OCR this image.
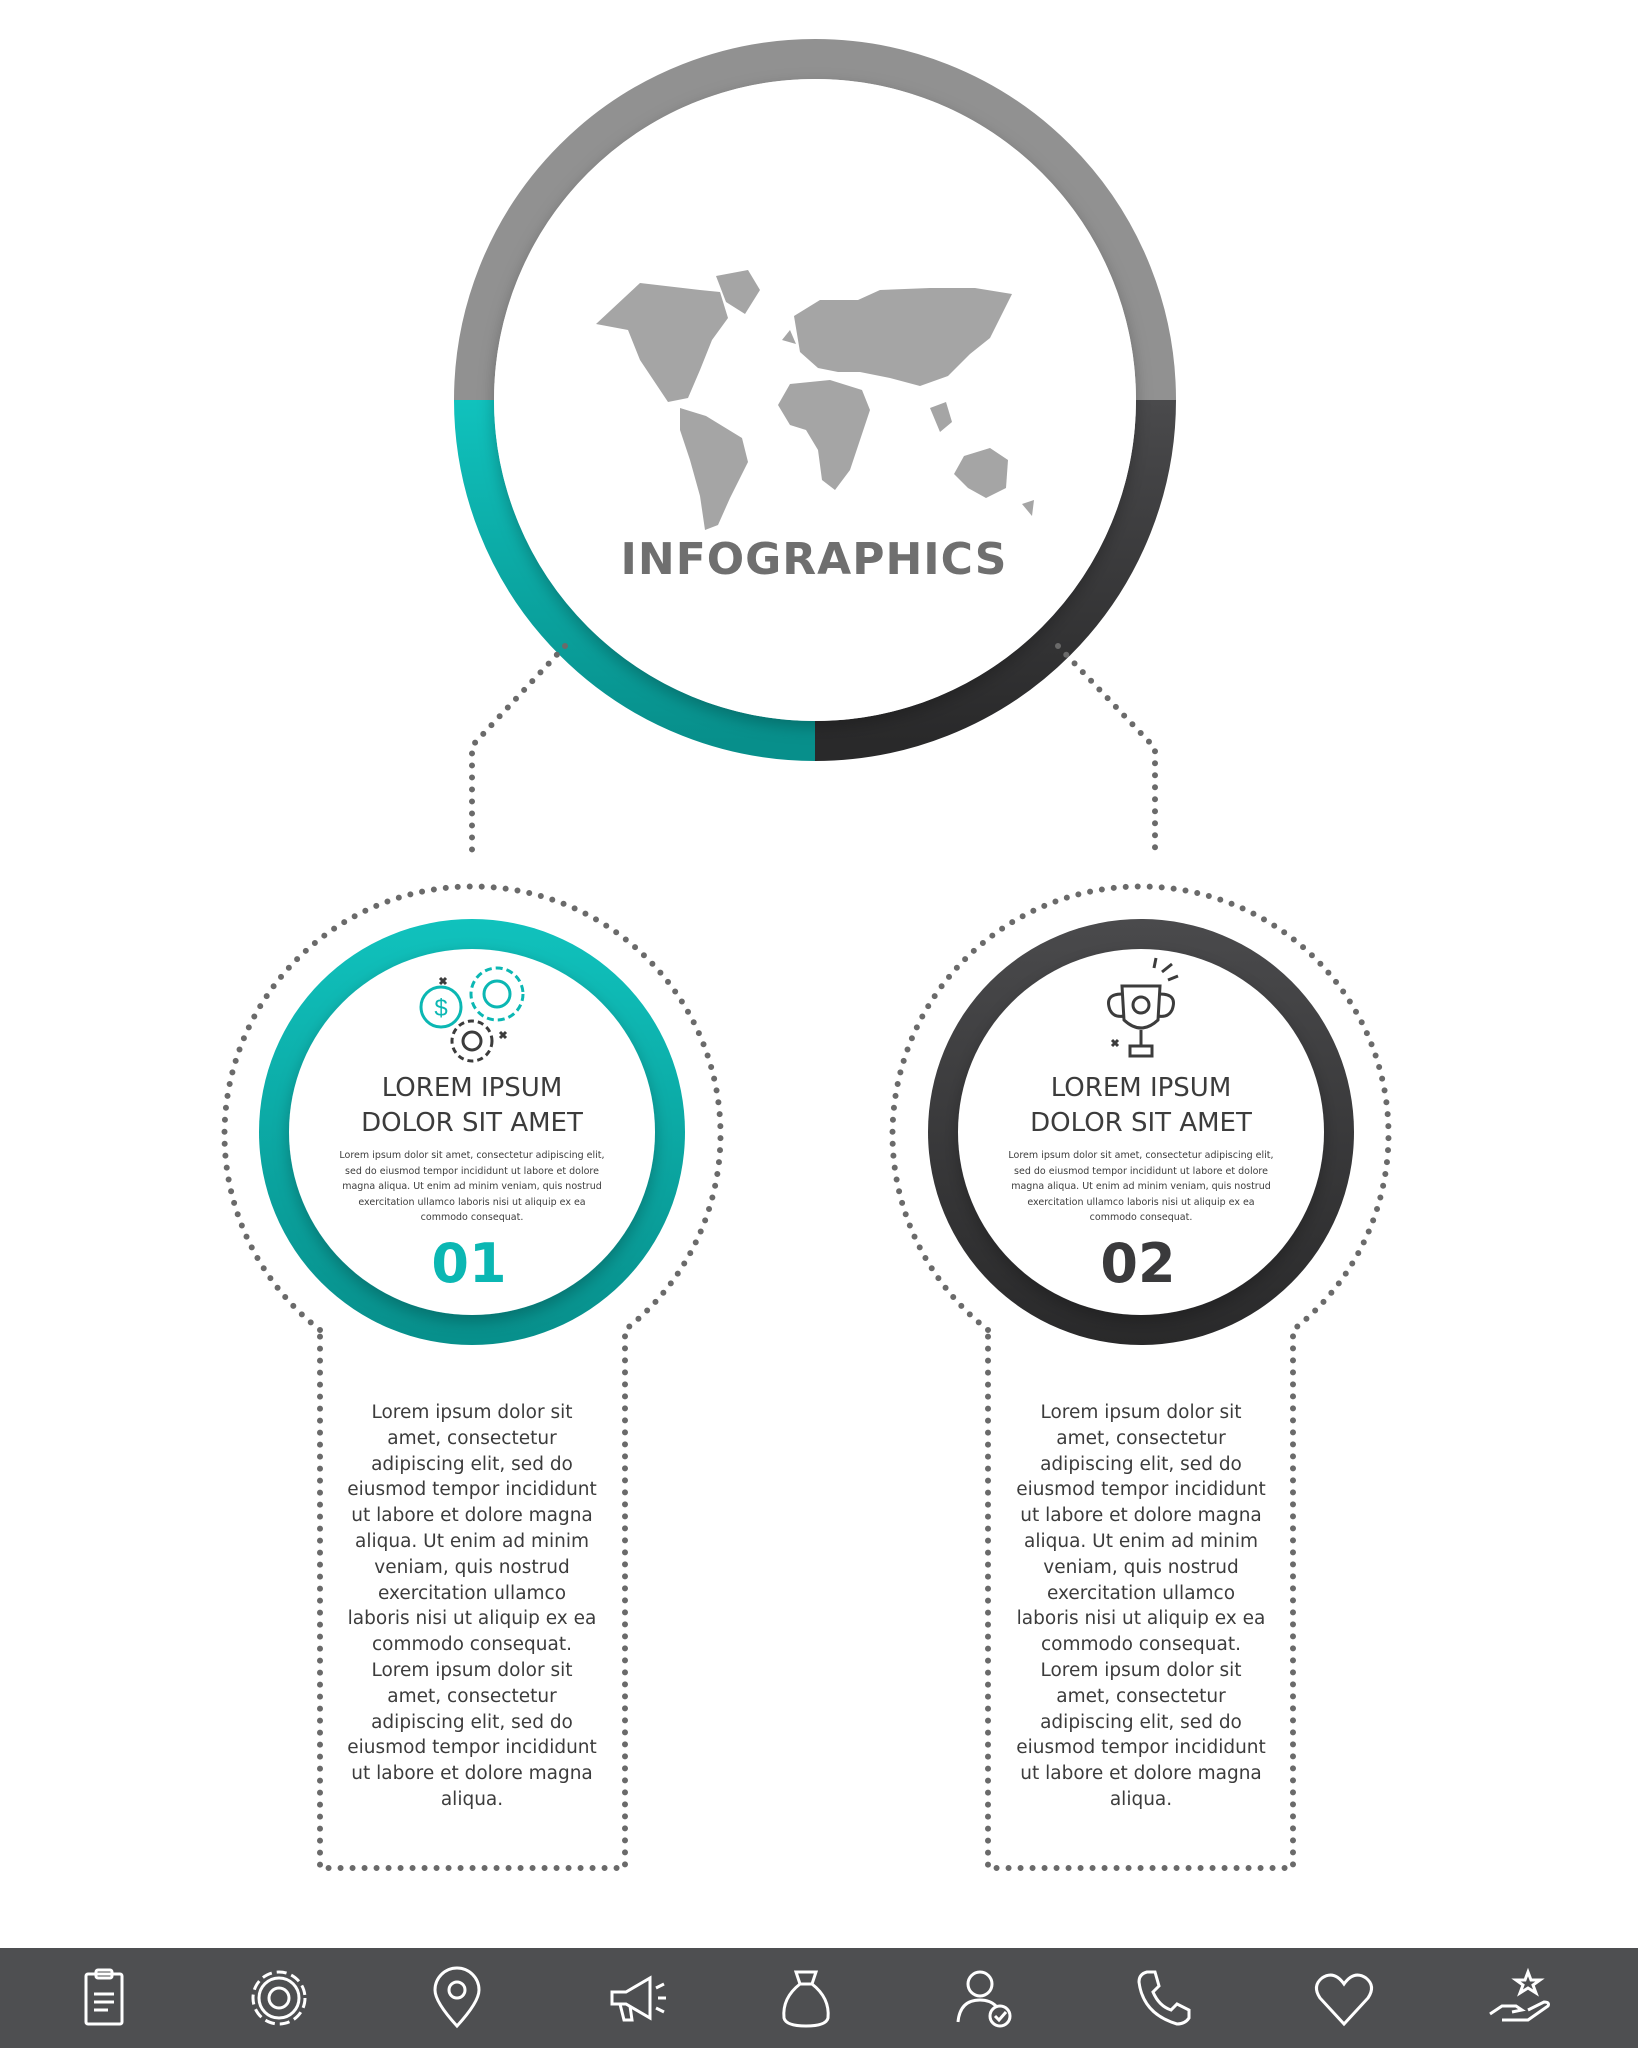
$
INFOGRAPHICS
LOREM IPSUM
DOLOR SIT AMET
Lorem ipsum dolor sit amet, consectetur adipiscing elit, sed do eiusmod tempor incididunt ut labore et dolore magna aliqua. Ut enim ad minim veniam, quis nostrud exercitation ullamco laboris nisi ut aliquip ex ea commodo consequat.
01
Lorem ipsum dolor sit amet, consectetur adipiscing elit, sed do eiusmod tempor incididunt ut labore et dolore magna aliqua. Ut enim ad minim veniam, quis nostrud exercitation ullamco laboris nisi ut aliquip ex ea commodo consequat. Lorem ipsum dolor sit amet, consectetur adipiscing elit, sed do eiusmod tempor incididunt ut labore et dolore magna aliqua.
LOREM IPSUM
DOLOR SIT AMET
Lorem ipsum dolor sit amet, consectetur adipiscing elit, sed do eiusmod tempor incididunt ut labore et dolore magna aliqua. Ut enim ad minim veniam, quis nostrud exercitation ullamco laboris nisi ut aliquip ex ea commodo consequat.
02
Lorem ipsum dolor sit amet, consectetur adipiscing elit, sed do eiusmod tempor incididunt ut labore et dolore magna aliqua. Ut enim ad minim veniam, quis nostrud exercitation ullamco laboris nisi ut aliquip ex ea commodo consequat. Lorem ipsum dolor sit amet, consectetur adipiscing elit, sed do eiusmod tempor incididunt ut labore et dolore magna aliqua.
